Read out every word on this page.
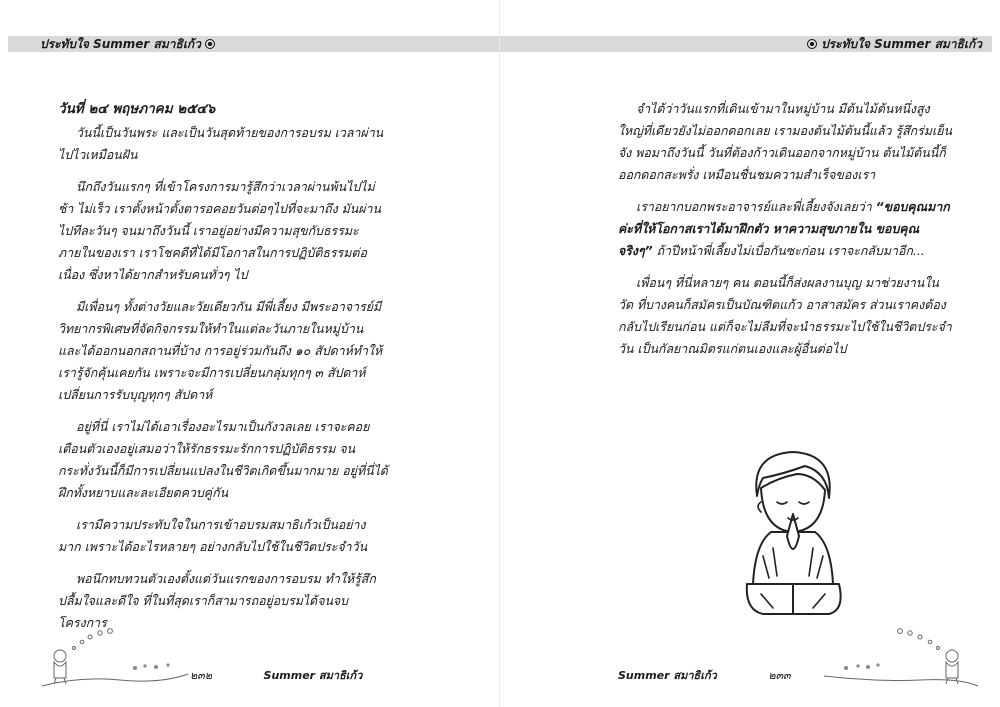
ประทับใจ Summer สมาธิเก้ว

วันที่ ๒๔ พฤษภาคม ๒๕๔๖

วันนี้เป็นวันพระ และเป็นวันสุดท้ายของการอบรม เวลาผ่านไปไวเหมือนฝัน

นึกถึงวันแรกๆ ที่เข้าโครงการมารู้สึกว่าเวลาผ่านพ้นไปไม่ช้า ไม่เร็ว เราตั้งหน้าตั้งตารอคอยวันต่อๆไปที่จะมาถึง มันผ่านไปทีละวันๆ จนมาถึงวันนี้ เราอยู่อย่างมีความสุขกับธรรมะภายในของเรา เราโชคดีที่ได้มีโอกาสในการปฏิบัติธรรมต่อเนื่อง ซึ่งหาได้ยากสำหรับคนทั่วๆ ไป

มีเพื่อนๆ ทั้งต่างวัยและวัยเดียวกัน มีพี่เลี้ยง มีพระอาจารย์มีวิทยากรพิเศษที่จัดกิจกรรมให้ทำในแต่ละวันภายในหมู่บ้าน และได้ออกนอกสถานที่บ้าง การอยู่ร่วมกันถึง ๑๐ สัปดาห์ทำให้เรารู้จักคุ้นเคยกัน เพราะจะมีการเปลี่ยนกลุ่มทุกๆ ๓ สัปดาห์ เปลี่ยนการรับบุญทุกๆ สัปดาห์

อยู่ที่นี่ เราไม่ได้เอาเรื่องอะไรมาเป็นกังวลเลย เราจะคอยเตือนตัวเองอยู่เสมอว่าให้รักธรรมะรักการปฏิบัติธรรม จนกระทั่งวันนี้ก็มีการเปลี่ยนแปลงในชีวิตเกิดขึ้นมากมาย อยู่ที่นี่ได้ฝึกทั้งหยาบและละเอียดควบคู่กัน

เรามีความประทับใจในการเข้าอบรมสมาธิเก้วเป็นอย่างมาก เพราะได้อะไรหลายๆ อย่างกลับไปใช้ในชีวิตประจำวัน

พอนึกทบทวนตัวเองตั้งแต่วันแรกของการอบรม ทำให้รู้สึกปลื้มใจและดีใจ ที่ในที่สุดเราก็สามารถอยู่อบรมได้จนจบโครงการ

๒๓๒	Summer สมาธิเก้ว
ประทับใจ Summer สมาธิเก้ว

จำได้ว่าวันแรกที่เดินเข้ามาในหมู่บ้าน มีต้นไม้ต้นหนึ่งสูงใหญ่ที่เดียวยังไม่ออกดอกเลย เรามองต้นไม้ต้นนี้แล้ว รู้สึกร่มเย็นจัง พอมาถึงวันนี้ วันที่ต้องก้าวเดินออกจากหมู่บ้าน ต้นไม้ต้นนี้ก็ออกดอกสะพรั่ง เหมือนชื่นชมความสำเร็จของเรา

เราอยากบอกพระอาจารย์และพี่เลี้ยงจังเลยว่า “ขอบคุณมากค่ะที่ให้โอกาสเราได้มาฝึกตัว หาความสุขภายใน ขอบคุณจริงๆ” ถ้าปีหน้าพี่เลี้ยงไม่เบื่อกันซะก่อน เราจะกลับมาอีก...

เพื่อนๆ ที่นี่หลายๆ คน ตอนนี้ก็ส่งผลงานบุญ มาช่วยงานในวัด ที่บางคนก็สมัครเป็นบัณฑิตแก้ว อาสาสมัคร ส่วนเราคงต้องกลับไปเรียนก่อน แต่ก็จะไม่ลืมที่จะนำธรรมะไปใช้ในชีวิตประจำวัน เป็นกัลยาณมิตรแก่ตนเองและผู้อื่นต่อไป

Summer สมาธิเก้ว	๒๓๓
